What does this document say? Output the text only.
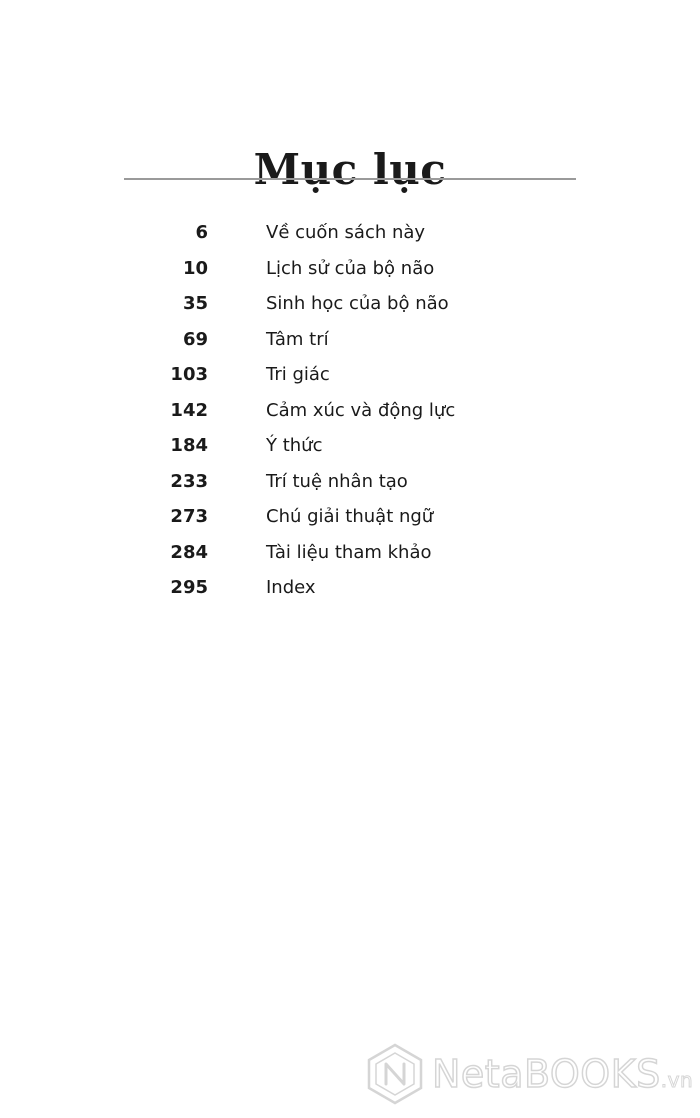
Mục lục
6	Về cuốn sách này
10	Lịch sử của bộ não
35	Sinh học của bộ não
69	Tâm trí
103	Tri giác
142	Cảm xúc và động lực
184	Ý thức
233	Trí tuệ nhân tạo
273	Chú giải thuật ngữ
284	Tài liệu tham khảo
295	Index
NetaBOOKS.vn
